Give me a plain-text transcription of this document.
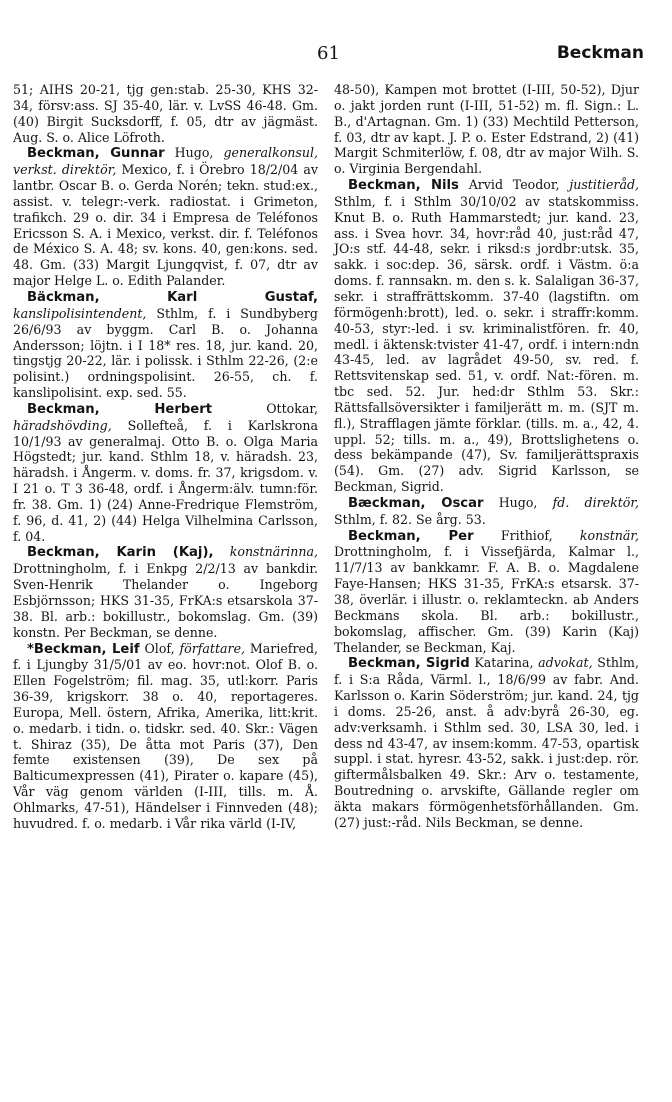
61	Beckman

51; AIHS 20-21, tjg gen:stab. 25-30, KHS 32-34, försv:ass. SJ 35-40, lär. v. LvSS 46-48. Gm. (40) Birgit Sucksdorff, f. 05, dtr av jägmäst. Aug. S. o. Alice Löfroth.

Beckman, Gunnar Hugo, generalkonsul, verkst. direktör, Mexico, f. i Örebro 18/2/04 av lantbr. Oscar B. o. Gerda Norén; tekn. stud:ex., assist. v. telegr:-verk. radiostat. i Grimeton, trafikch. 29 o. dir. 34 i Empresa de Teléfonos Ericsson S. A. i Mexico, verkst. dir. f. Teléfonos de México S. A. 48; sv. kons. 40, gen:kons. sed. 48. Gm. (33) Margit Ljungqvist, f. 07, dtr av major Helge L. o. Edith Palander.

Bäckman, Karl Gustaf, kanslipolisintendent, Sthlm, f. i Sundbyberg 26/6/93 av byggm. Carl B. o. Johanna Andersson; löjtn. i I 18* res. 18, jur. kand. 20, tingstjg 20-22, lär. i polissk. i Sthlm 22-26, (2:e polisint.) ordningspolisint. 26-55, ch. f. kanslipolisint. exp. sed. 55.

Beckman, Herbert Ottokar, häradshövding, Sollefteå, f. i Karlskrona 10/1/93 av generalmaj. Otto B. o. Olga Maria Högstedt; jur. kand. Sthlm 18, v. häradsh. 23, häradsh. i Ångerm. v. doms. fr. 37, krigsdom. v. I 21 o. T 3 36-48, ordf. i Ångerm:älv. tumn:för. fr. 38. Gm. 1) (24) Anne-Fredrique Flemström, f. 96, d. 41, 2) (44) Helga Vilhelmina Carlsson, f. 04.

Beckman, Karin (Kaj), konstnärinna, Drottningholm, f. i Enkpg 2/2/13 av bankdir. Sven-Henrik Thelander o. Ingeborg Esbjörnsson; HKS 31-35, FrKA:s etsarskola 37-38. Bl. arb.: bokillustr., bokomslag. Gm. (39) konstn. Per Beckman, se denne.

*Beckman, Leif Olof, författare, Mariefred, f. i Ljungby 31/5/01 av eo. hovr:not. Olof B. o. Ellen Fogelström; fil. mag. 35, utl:korr. Paris 36-39, krigskorr. 38 o. 40, reportageres. Europa, Mell. östern, Afrika, Amerika, litt:krit. o. medarb. i tidn. o. tidskr. sed. 40. Skr.: Vägen t. Shiraz (35), De åtta mot Paris (37), Den femte existensen (39), De sex på Balticumexpressen (41), Pirater o. kapare (45), Vår väg genom världen (I-III, tills. m. Å. Ohlmarks, 47-51), Händelser i Finnveden (48); huvudred. f. o. medarb. i Vår rika värld (I-IV,

48-50), Kampen mot brottet (I-III, 50-52), Djur o. jakt jorden runt (I-III, 51-52) m. fl. Sign.: L. B., d'Artagnan. Gm. 1) (33) Mechtild Petterson, f. 03, dtr av kapt. J. P. o. Ester Edstrand, 2) (41) Margit Schmiterlöw, f. 08, dtr av major Wilh. S. o. Virginia Bergendahl.

Beckman, Nils Arvid Teodor, justitieråd, Sthlm, f. i Sthlm 30/10/02 av statskommiss. Knut B. o. Ruth Hammarstedt; jur. kand. 23, ass. i Svea hovr. 34, hovr:råd 40, just:råd 47, JO:s stf. 44-48, sekr. i riksd:s jordbr:utsk. 35, sakk. i soc:dep. 36, särsk. ordf. i Västm. ö:a doms. f. rannsakn. m. den s. k. Salaligan 36-37, sekr. i straffrättskomm. 37-40 (lagstiftn. om förmögenh:brott), led. o. sekr. i straffr:komm. 40-53, styr:-led. i sv. kriminalistfören. fr. 40, medl. i äktensk:tvister 41-47, ordf. i intern:ndn 43-45, led. av lagrådet 49-50, sv. red. f. Rettsvitenskap sed. 51, v. ordf. Nat:-fören. m. tbc sed. 52. Jur. hed:dr Sthlm 53. Skr.: Rättsfallsöversikter i familjerätt m. m. (SJT m. fl.), Strafflagen jämte förklar. (tills. m. a., 42, 4. uppl. 52; tills. m. a., 49), Brottslighetens o. dess bekämpande (47), Sv. familjerättspraxis (54). Gm. (27) adv. Sigrid Karlsson, se Beckman, Sigrid.

Bæckman, Oscar Hugo, fd. direktör, Sthlm, f. 82. Se årg. 53.

Beckman, Per Frithiof, konstnär, Drottningholm, f. i Vissefjärda, Kalmar l., 11/7/13 av bankkamr. F. A. B. o. Magdalene Faye-Hansen; HKS 31-35, FrKA:s etsarsk. 37-38, överlär. i illustr. o. reklamteckn. ab Anders Beckmans skola. Bl. arb.: bokillustr., bokomslag, affischer. Gm. (39) Karin (Kaj) Thelander, se Beckman, Kaj.

Beckman, Sigrid Katarina, advokat, Sthlm, f. i S:a Råda, Värml. l., 18/6/99 av fabr. And. Karlsson o. Karin Söderström; jur. kand. 24, tjg i doms. 25-26, anst. å adv:byrå 26-30, eg. adv:verksamh. i Sthlm sed. 30, LSA 30, led. i dess nd 43-47, av insem:komm. 47-53, opartisk suppl. i stat. hyresr. 43-52, sakk. i just:dep. rör. giftermålsbalken 49. Skr.: Arv o. testamente, Boutredning o. arvskifte, Gällande regler om äkta makars förmögenhetsförhållanden. Gm. (27) just:-råd. Nils Beckman, se denne.
